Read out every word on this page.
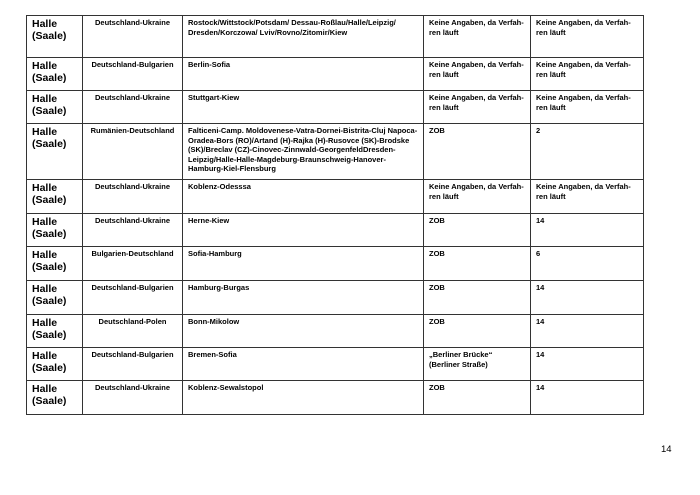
Halle (Saale)	Deutschland-Ukraine	Rostock/Wittstock/Potsdam/ Dessau-Roßlau/Halle/Leipzig/ Dresden/Korczowa/ Lviv/Rovno/Zitomir/Kiew	Keine Angaben, da Verfah-ren läuft	Keine Angaben, da Verfah-ren läuft
Halle (Saale)	Deutschland-Bulgarien	Berlin-Sofia	Keine Angaben, da Verfah-ren läuft	Keine Angaben, da Verfah-ren läuft
Halle (Saale)	Deutschland-Ukraine	Stuttgart-Kiew	Keine Angaben, da Verfah-ren läuft	Keine Angaben, da Verfah-ren läuft
Halle (Saale)	Rumänien-Deutschland	Falticeni-Camp. Moldovenese-Vatra-Dornei-Bistrita-Cluj Napoca-Oradea-Bors (RO)/Artand (H)-Rajka (H)-Rusovce (SK)-Brodske (SK)/Breclav (CZ)-Cinovec-Zinnwald-GeorgenfeldDresden-Leipzig/Halle-Halle-Magdeburg-Braunschweig-Hanover-Hamburg-Kiel-Flensburg	ZOB	2
Halle (Saale)	Deutschland-Ukraine	Koblenz-Odesssa	Keine Angaben, da Verfah-ren läuft	Keine Angaben, da Verfah-ren läuft
Halle (Saale)	Deutschland-Ukraine	Herne-Kiew	ZOB	14
Halle (Saale)	Bulgarien-Deutschland	Sofia-Hamburg	ZOB	6
Halle (Saale)	Deutschland-Bulgarien	Hamburg-Burgas	ZOB	14
Halle (Saale)	Deutschland-Polen	Bonn-Mikolow	ZOB	14
Halle (Saale)	Deutschland-Bulgarien	Bremen-Sofia	„Berliner Brücke“ (Berliner Straße)	14
Halle (Saale)	Deutschland-Ukraine	Koblenz-Sewalstopol	ZOB	14
14
